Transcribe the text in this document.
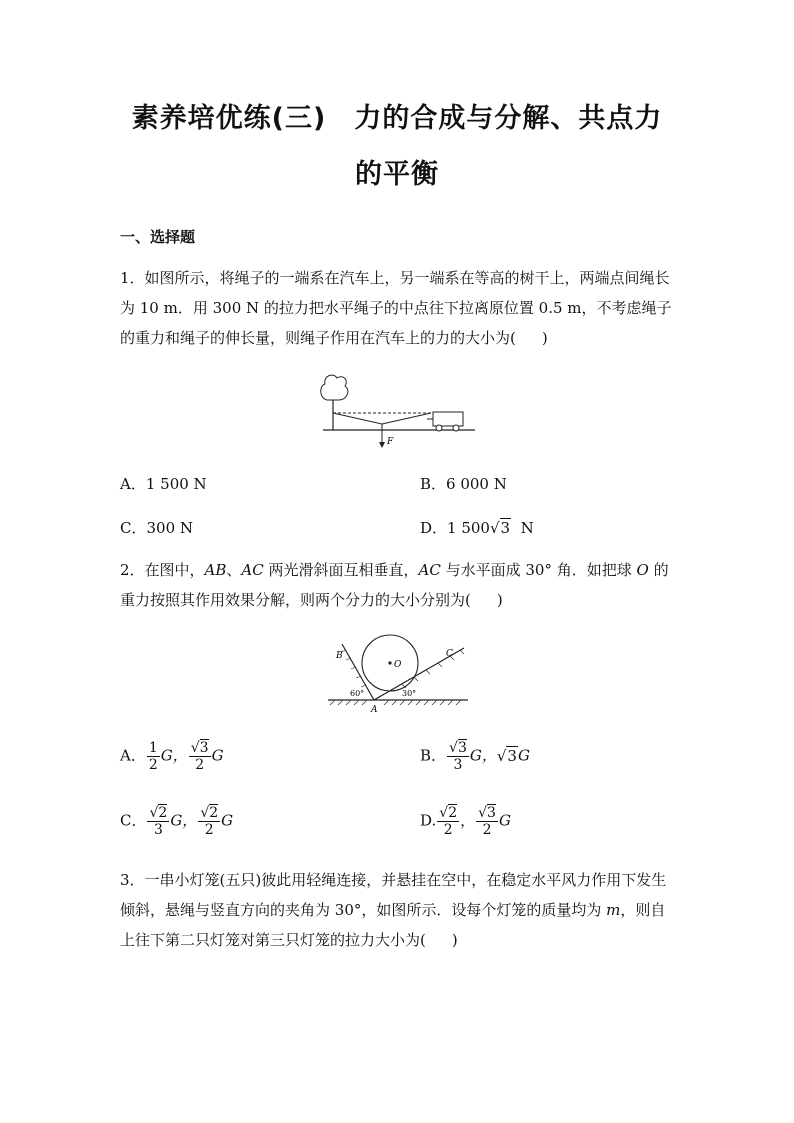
素养培优练(三)　力的合成与分解、共点力
的平衡
一、选择题
1．如图所示，将绳子的一端系在汽车上，另一端系在等高的树干上，两端点间绳长为 10 m．用 300 N 的拉力把水平绳子的中点往下拉离原位置 0.5 m，不考虑绳子的重力和绳子的伸长量，则绳子作用在汽车上的力的大小为( )
F
A．1 500 N	B．6 000 N
C．300 N	D．1 500√3 N
2．在图中，AB、AC 两光滑斜面互相垂直，AC 与水平面成 30° 角．如把球 O 的重力按照其作用效果分解，则两个分力的大小分别为( )
O
B	C
A
60°	30°
A． $\frac{1}{2}$ G， $\frac{√3}{2}$ G	B． $\frac{√3}{3}$ G，√3G
C． $\frac{√2}{3}$ G， $\frac{√2}{2}$ G	D. $\frac{√2}{2}$ ， $\frac{√3}{2}$ G
3．一串小灯笼(五只)彼此用轻绳连接，并悬挂在空中，在稳定水平风力作用下发生倾斜，悬绳与竖直方向的夹角为 30°，如图所示．设每个灯笼的质量均为 m，则自上往下第二只灯笼对第三只灯笼的拉力大小为( )
